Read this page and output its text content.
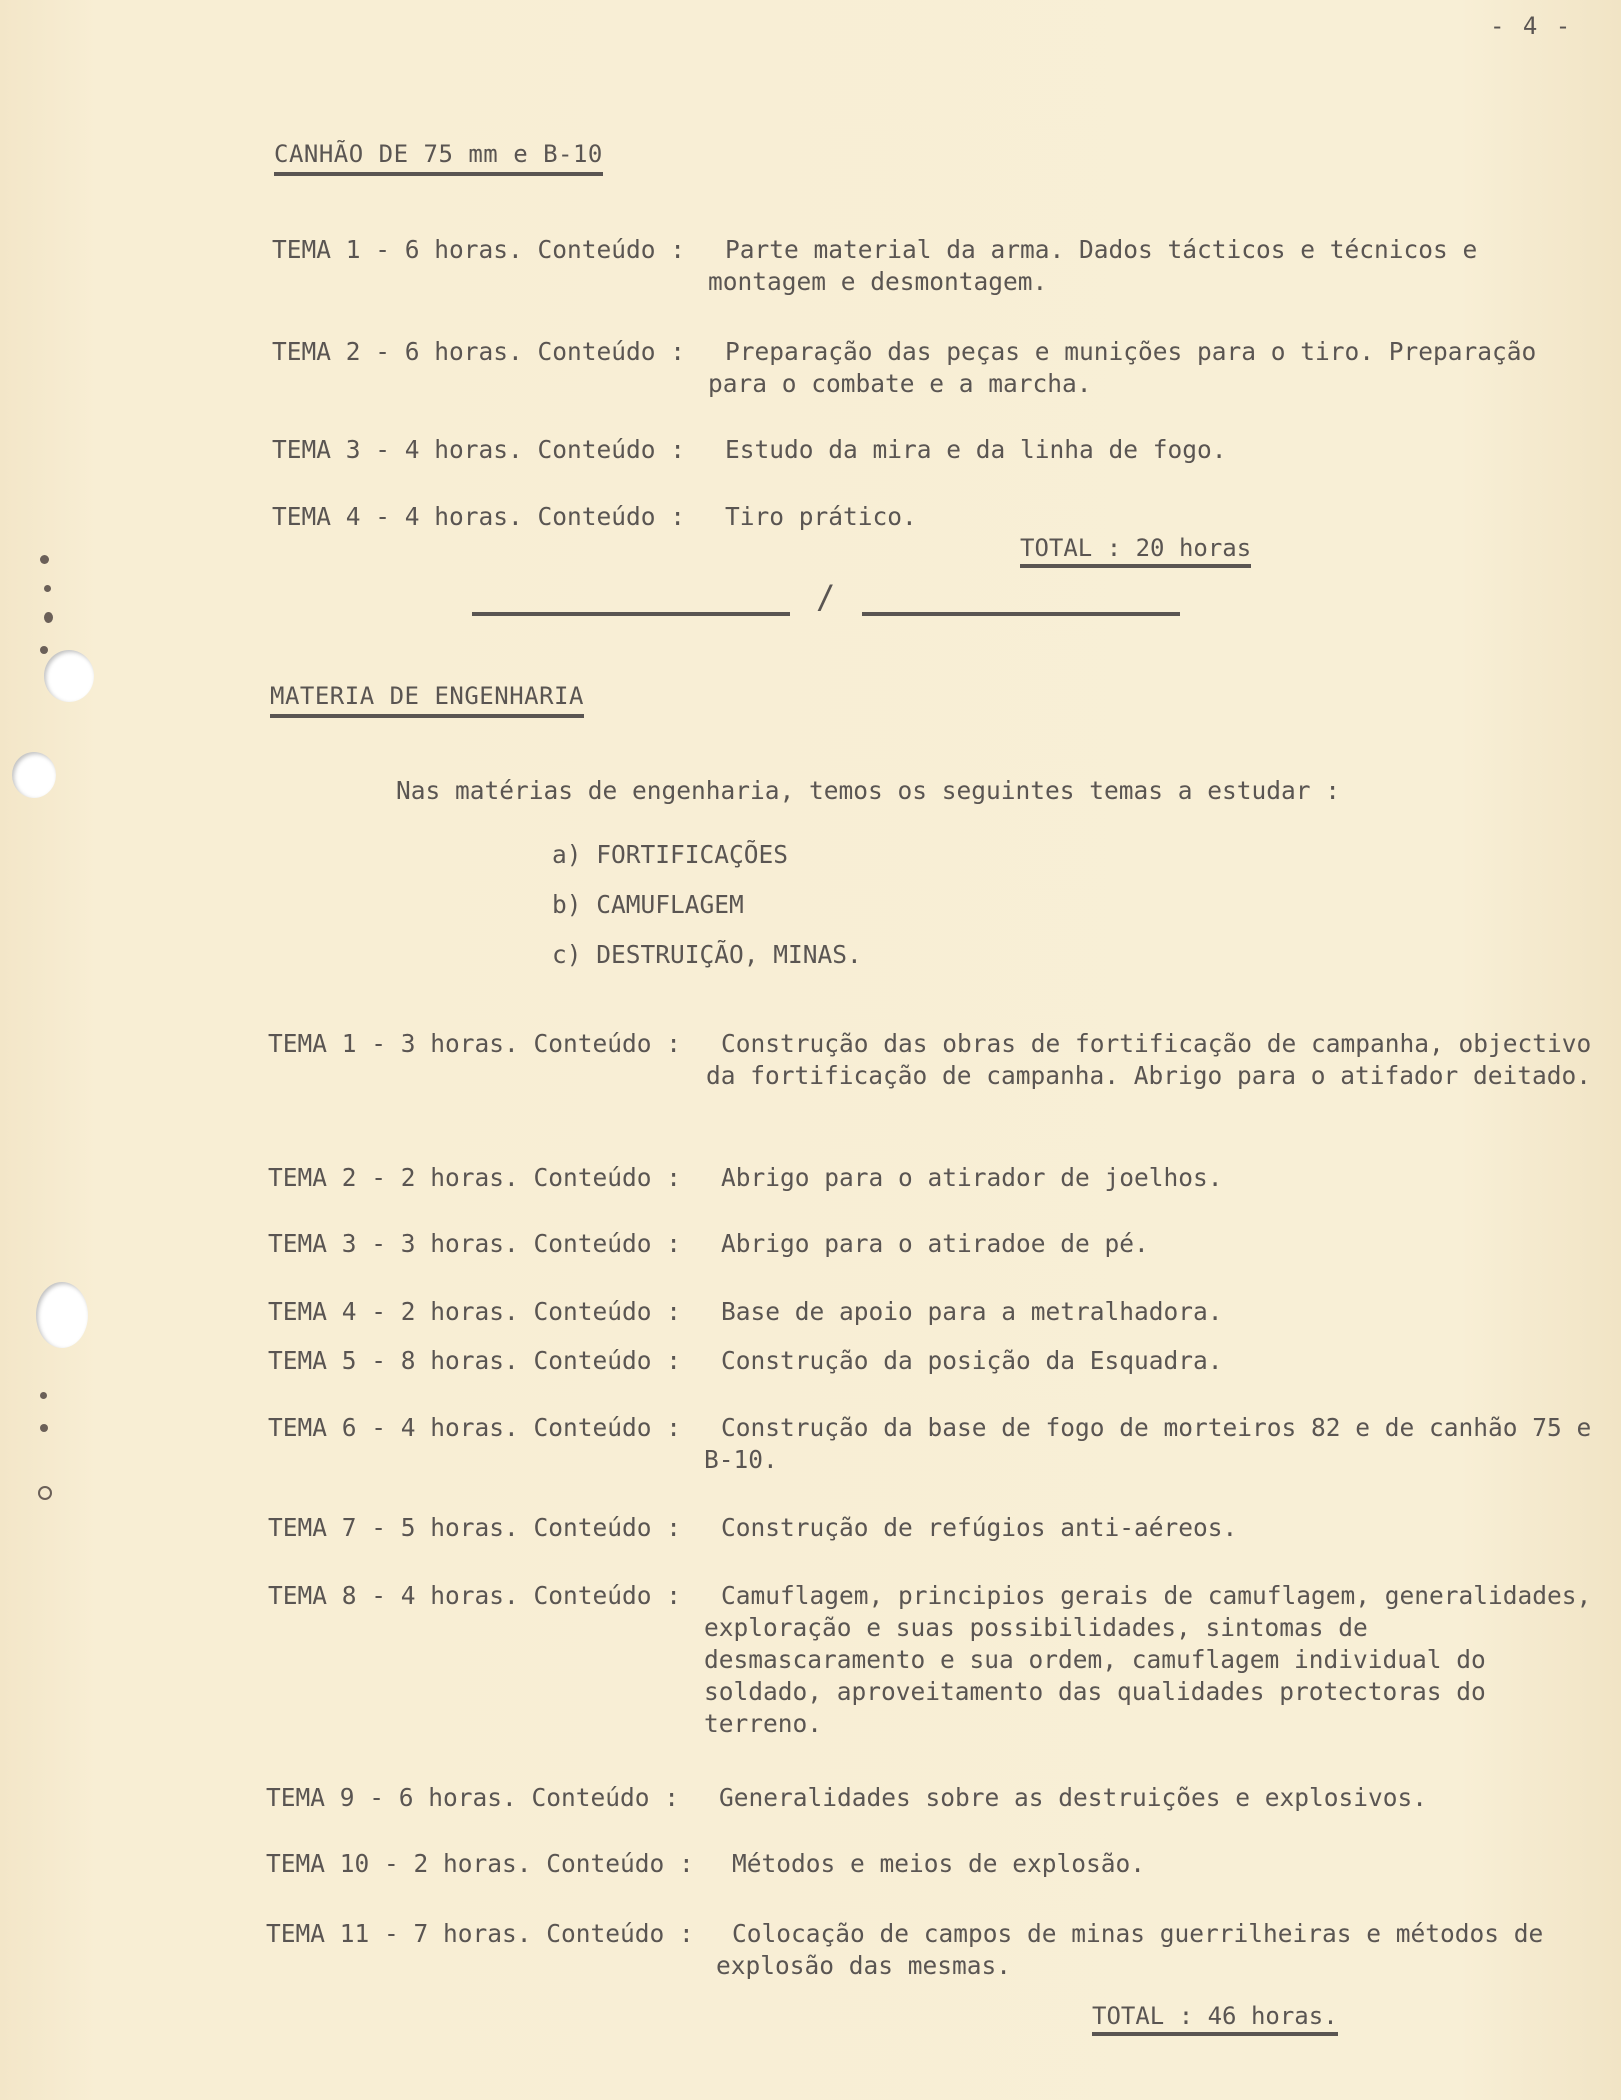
- 4 -
CANHÃO DE 75 mm e B-10
TEMA 1 - 6 horas. Conteúdo :	Parte material da arma. Dados tácticos e técnicos e montagem e desmontagem.
TEMA 2 - 6 horas. Conteúdo :	Preparação das peças e munições para o tiro. Preparação para o combate e a marcha.
TEMA 3 - 4 horas. Conteúdo : Estudo da mira e da linha de fogo.
TEMA 4 - 4 horas. Conteúdo : Tiro prático.
TOTAL : 20 horas
/
MATERIA DE ENGENHARIA
Nas matérias de engenharia, temos os seguintes temas a estudar :
a) FORTIFICAÇÕES
b) CAMUFLAGEM
c) DESTRUIÇÃO, MINAS.
TEMA 1 - 3 horas. Conteúdo :	Construção das obras de fortificação de campanha, objectivo da fortificação de campanha. Abrigo para o atifador deitado.
TEMA 2 - 2 horas. Conteúdo : Abrigo para o atirador de joelhos.
TEMA 3 - 3 horas. Conteúdo : Abrigo para o atiradoe de pé.
TEMA 4 - 2 horas. Conteúdo : Base de apoio para a metralhadora.
TEMA 5 - 8 horas. Conteúdo : Construção da posição da Esquadra.
TEMA 6 - 4 horas. Conteúdo :	Construção da base de fogo de morteiros 82 e de canhão 75 e B-10.
TEMA 7 - 5 horas. Conteúdo : Construção de refúgios anti-aéreos.
TEMA 8 - 4 horas. Conteúdo :	Camuflagem, principios gerais de camuflagem, generalidades, exploração e suas possibilidades, sintomas de desmascaramento e sua ordem, camuflagem individual do soldado, aproveitamento das qualidades protectoras do terreno.
TEMA 9 - 6 horas. Conteúdo : Generalidades sobre as destruições e explosivos.
TEMA 10 - 2 horas. Conteúdo : Métodos e meios de explosão.
TEMA 11 - 7 horas. Conteúdo :	Colocação de campos de minas guerrilheiras e métodos de explosão das mesmas.
TOTAL : 46 horas.
